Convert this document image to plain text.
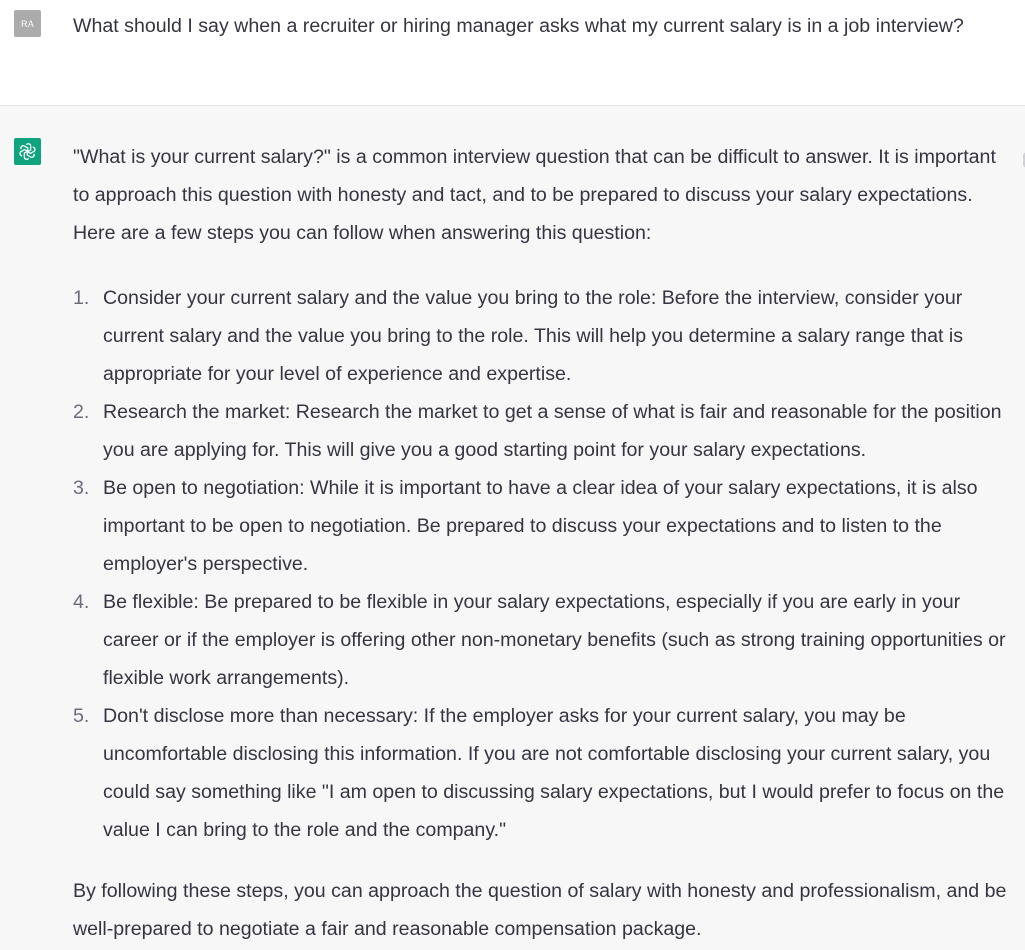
RA	What should I say when a recruiter or hiring manager asks what my current salary is in a job interview?

"What is your current salary?" is a common interview question that can be difficult to answer. It is important to approach this question with honesty and tact, and to be prepared to discuss your salary expectations. Here are a few steps you can follow when answering this question:

1. Consider your current salary and the value you bring to the role: Before the interview, consider your current salary and the value you bring to the role. This will help you determine a salary range that is appropriate for your level of experience and expertise.
2. Research the market: Research the market to get a sense of what is fair and reasonable for the position you are applying for. This will give you a good starting point for your salary expectations.
3. Be open to negotiation: While it is important to have a clear idea of your salary expectations, it is also important to be open to negotiation. Be prepared to discuss your expectations and to listen to the employer's perspective.
4. Be flexible: Be prepared to be flexible in your salary expectations, especially if you are early in your career or if the employer is offering other non-monetary benefits (such as strong training opportunities or flexible work arrangements).
5. Don't disclose more than necessary: If the employer asks for your current salary, you may be uncomfortable disclosing this information. If you are not comfortable disclosing your current salary, you could say something like "I am open to discussing salary expectations, but I would prefer to focus on the value I can bring to the role and the company."

By following these steps, you can approach the question of salary with honesty and professionalism, and be well-prepared to negotiate a fair and reasonable compensation package.
